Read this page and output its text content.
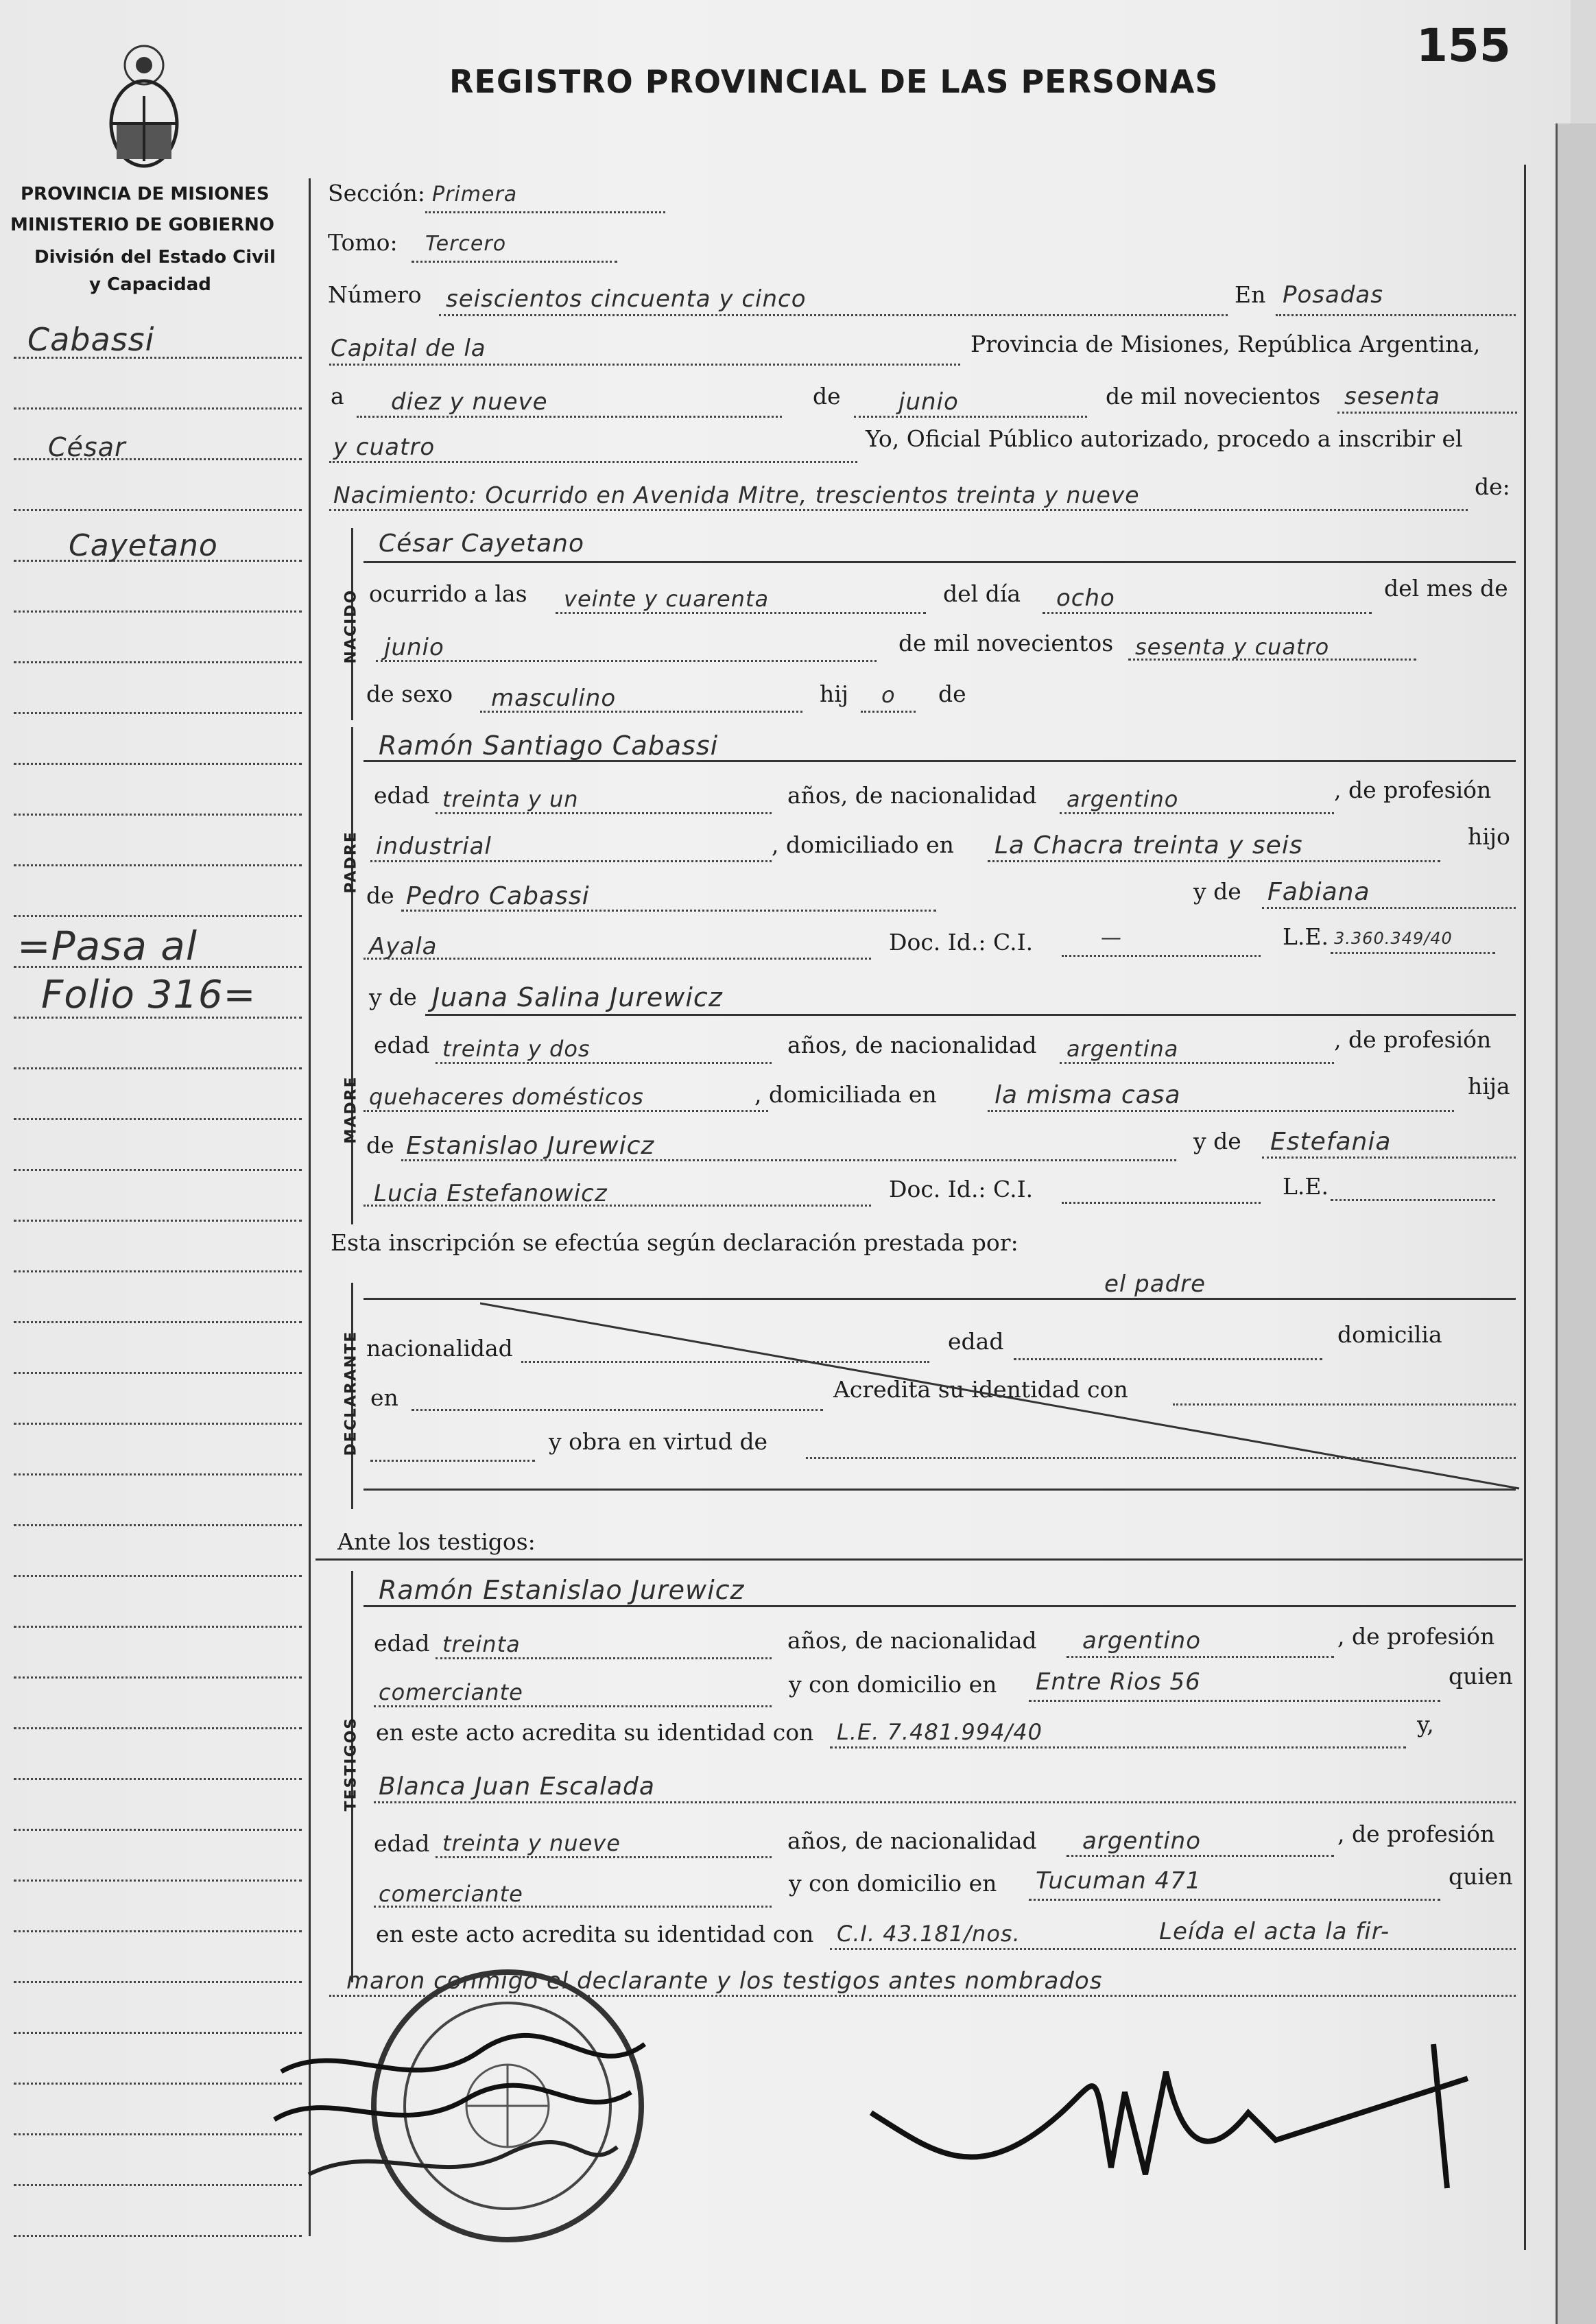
REGISTRO PROVINCIAL DE LAS PERSONAS
155
PROVINCIA DE MISIONES
MINISTERIO DE GOBIERNO
División del Estado Civil
y Capacidad
Cabassi
César
Cayetano
=Pasa al
Folio 316=
Sección: Primera
Tomo: Tercero
Número seiscientos cincuenta y cinco	En Posadas
Capital de la	Provincia de Misiones, República Argentina,
a diez y nueve	de junio	de mil novecientos sesenta
y cuatro	Yo, Oficial Público autorizado, procedo a inscribir el
Nacimiento: Ocurrido en Avenida Mitre, trescientos treinta y nueve	de:
NACIDO
César Cayetano
ocurrido a las veinte y cuarenta	del día ocho	del mes de
junio	de mil novecientos sesenta y cuatro
de sexo masculino	hij o de
PADRE
Ramón Santiago Cabassi
edad treinta y un	años, de nacionalidad argentino	, de profesión
industrial	, domiciliado en La Chacra treinta y seis	hijo
de Pedro Cabassi	y de Fabiana
Ayala	Doc. Id.: C.I.	—	L.E. 3.360.349/40
MADRE
y de Juana Salina Jurewicz
edad treinta y dos	años, de nacionalidad argentina	, de profesión
quehaceres domésticos	, domiciliada en la misma casa	hija
de Estanislao Jurewicz	y de Estefania
Lucia Estefanowicz	Doc. Id.: C.I.	L.E.
Esta inscripción se efectúa según declaración prestada por:
el padre
DECLARANTE nacionalidad	edad	domicilia
en	Acredita su identidad con
y obra en virtud de
Ante los testigos:
TESTIGOS
Ramón Estanislao Jurewicz
edad treinta	años, de nacionalidad argentino	, de profesión
comerciante	y con domicilio en Entre Rios 56	quien
en este acto acredita su identidad con L.E. 7.481.994/40	y,
Blanca Juan Escalada
edad treinta y nueve	años, de nacionalidad argentino	, de profesión
comerciante	y con domicilio en Tucuman 471	quien
en este acto acredita su identidad con C.I. 43.181/nos.	Leída el acta la fir-
maron conmigo el declarante y los testigos antes nombrados
